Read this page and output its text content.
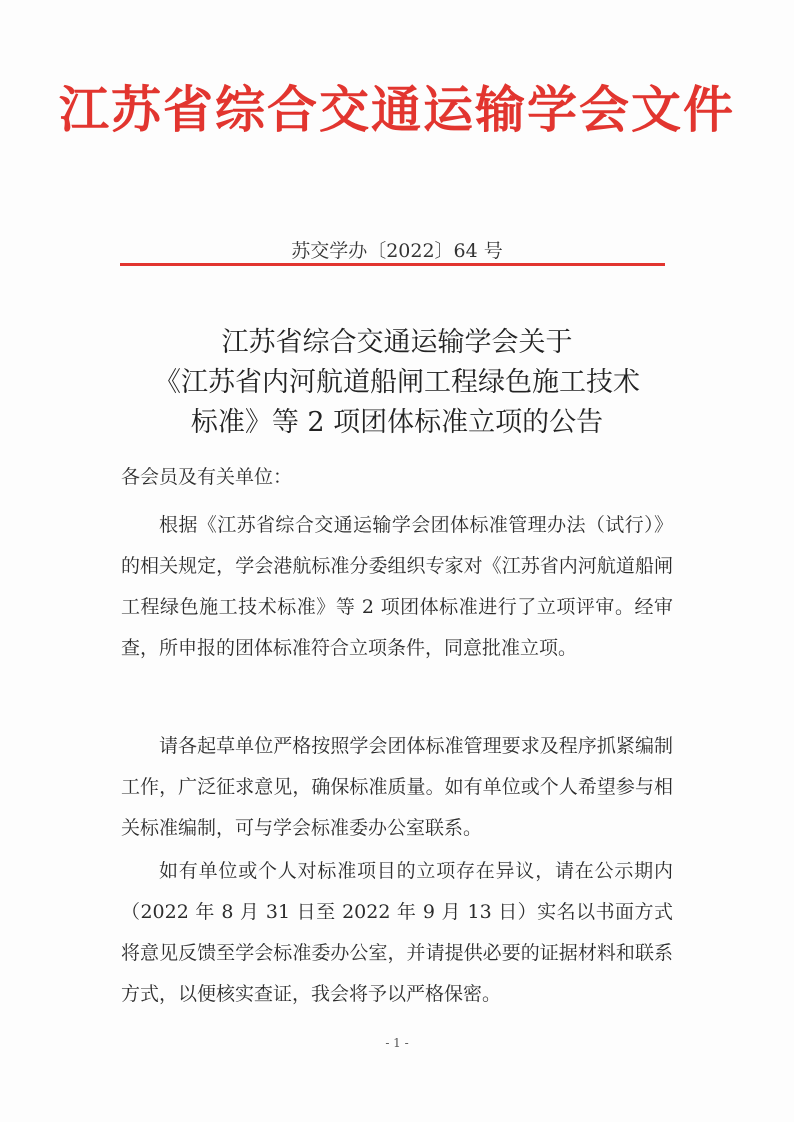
江苏省综合交通运输学会文件
苏交学办〔2022〕64 号
江苏省综合交通运输学会关于
《江苏省内河航道船闸工程绿色施工技术
标准》等 2 项团体标准立项的公告
各会员及有关单位：

根据《江苏省综合交通运输学会团体标准管理办法（试行）》的相关规定，学会港航标准分委组织专家对《江苏省内河航道船闸工程绿色施工技术标准》等 2 项团体标准进行了立项评审。经审查，所申报的团体标准符合立项条件，同意批准立项。

请各起草单位严格按照学会团体标准管理要求及程序抓紧编制工作，广泛征求意见，确保标准质量。如有单位或个人希望参与相关标准编制，可与学会标准委办公室联系。

如有单位或个人对标准项目的立项存在异议，请在公示期内（2022 年 8 月 31 日至 2022 年 9 月 13 日）实名以书面方式将意见反馈至学会标准委办公室，并请提供必要的证据材料和联系方式，以便核实查证，我会将予以严格保密。

- 1 -
